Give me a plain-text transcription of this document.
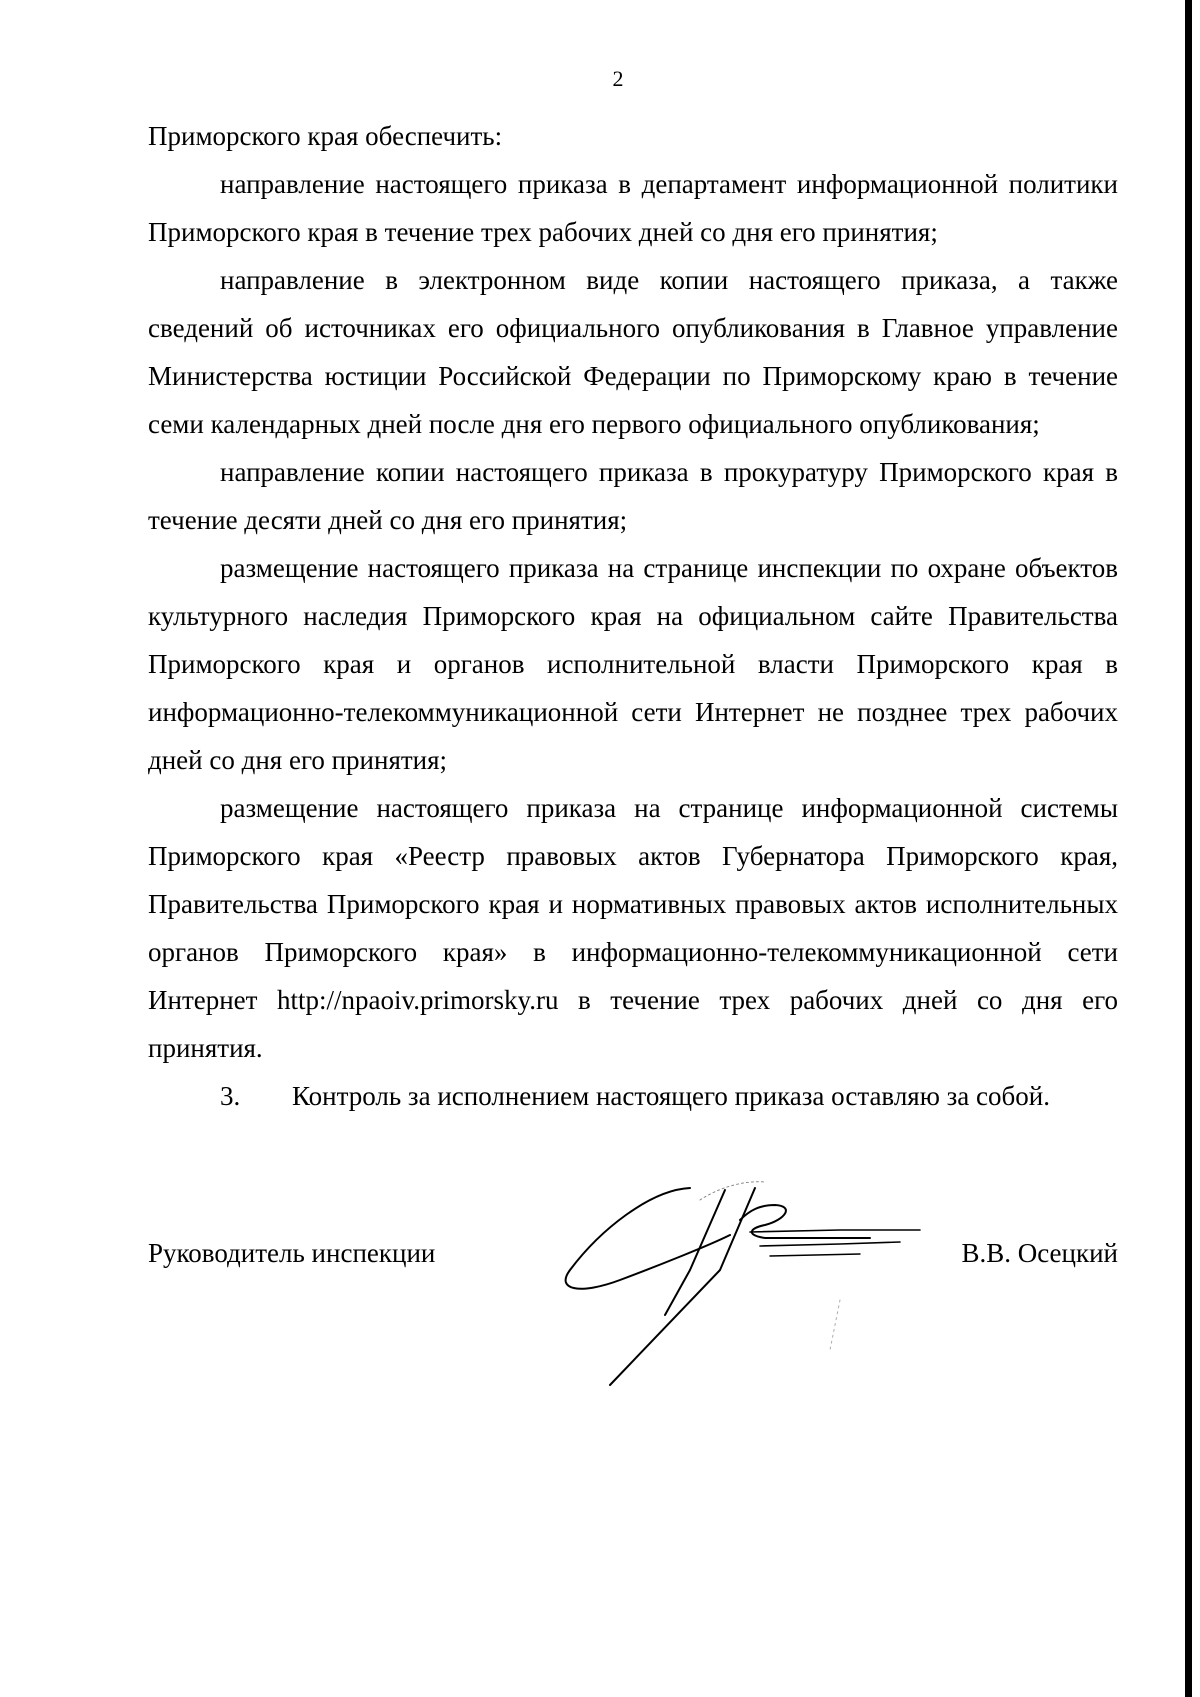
2

Приморского края обеспечить:

направление настоящего приказа в департамент информационной политики Приморского края в течение трех рабочих дней со дня его принятия;

направление в электронном виде копии настоящего приказа, а также сведений об источниках его официального опубликования в Главное управление Министерства юстиции Российской Федерации по Приморскому краю в течение семи календарных дней после дня его первого официального опубликования;

направление копии настоящего приказа в прокуратуру Приморского края в течение десяти дней со дня его принятия;

размещение настоящего приказа на странице инспекции по охране объектов культурного наследия Приморского края на официальном сайте Правительства Приморского края и органов исполнительной власти Приморского края в информационно-телекоммуникационной сети Интернет не позднее трех рабочих дней со дня его принятия;

размещение настоящего приказа на странице информационной системы Приморского края «Реестр правовых актов Губернатора Приморского края, Правительства Приморского края и нормативных правовых актов исполнительных органов Приморского края» в информационно-телекоммуникационной сети Интернет http://npaoiv.primorsky.ru в течение трех рабочих дней со дня его принятия.

3.	Контроль за исполнением настоящего приказа оставляю за собой.

Руководитель инспекции	В.В. Осецкий
